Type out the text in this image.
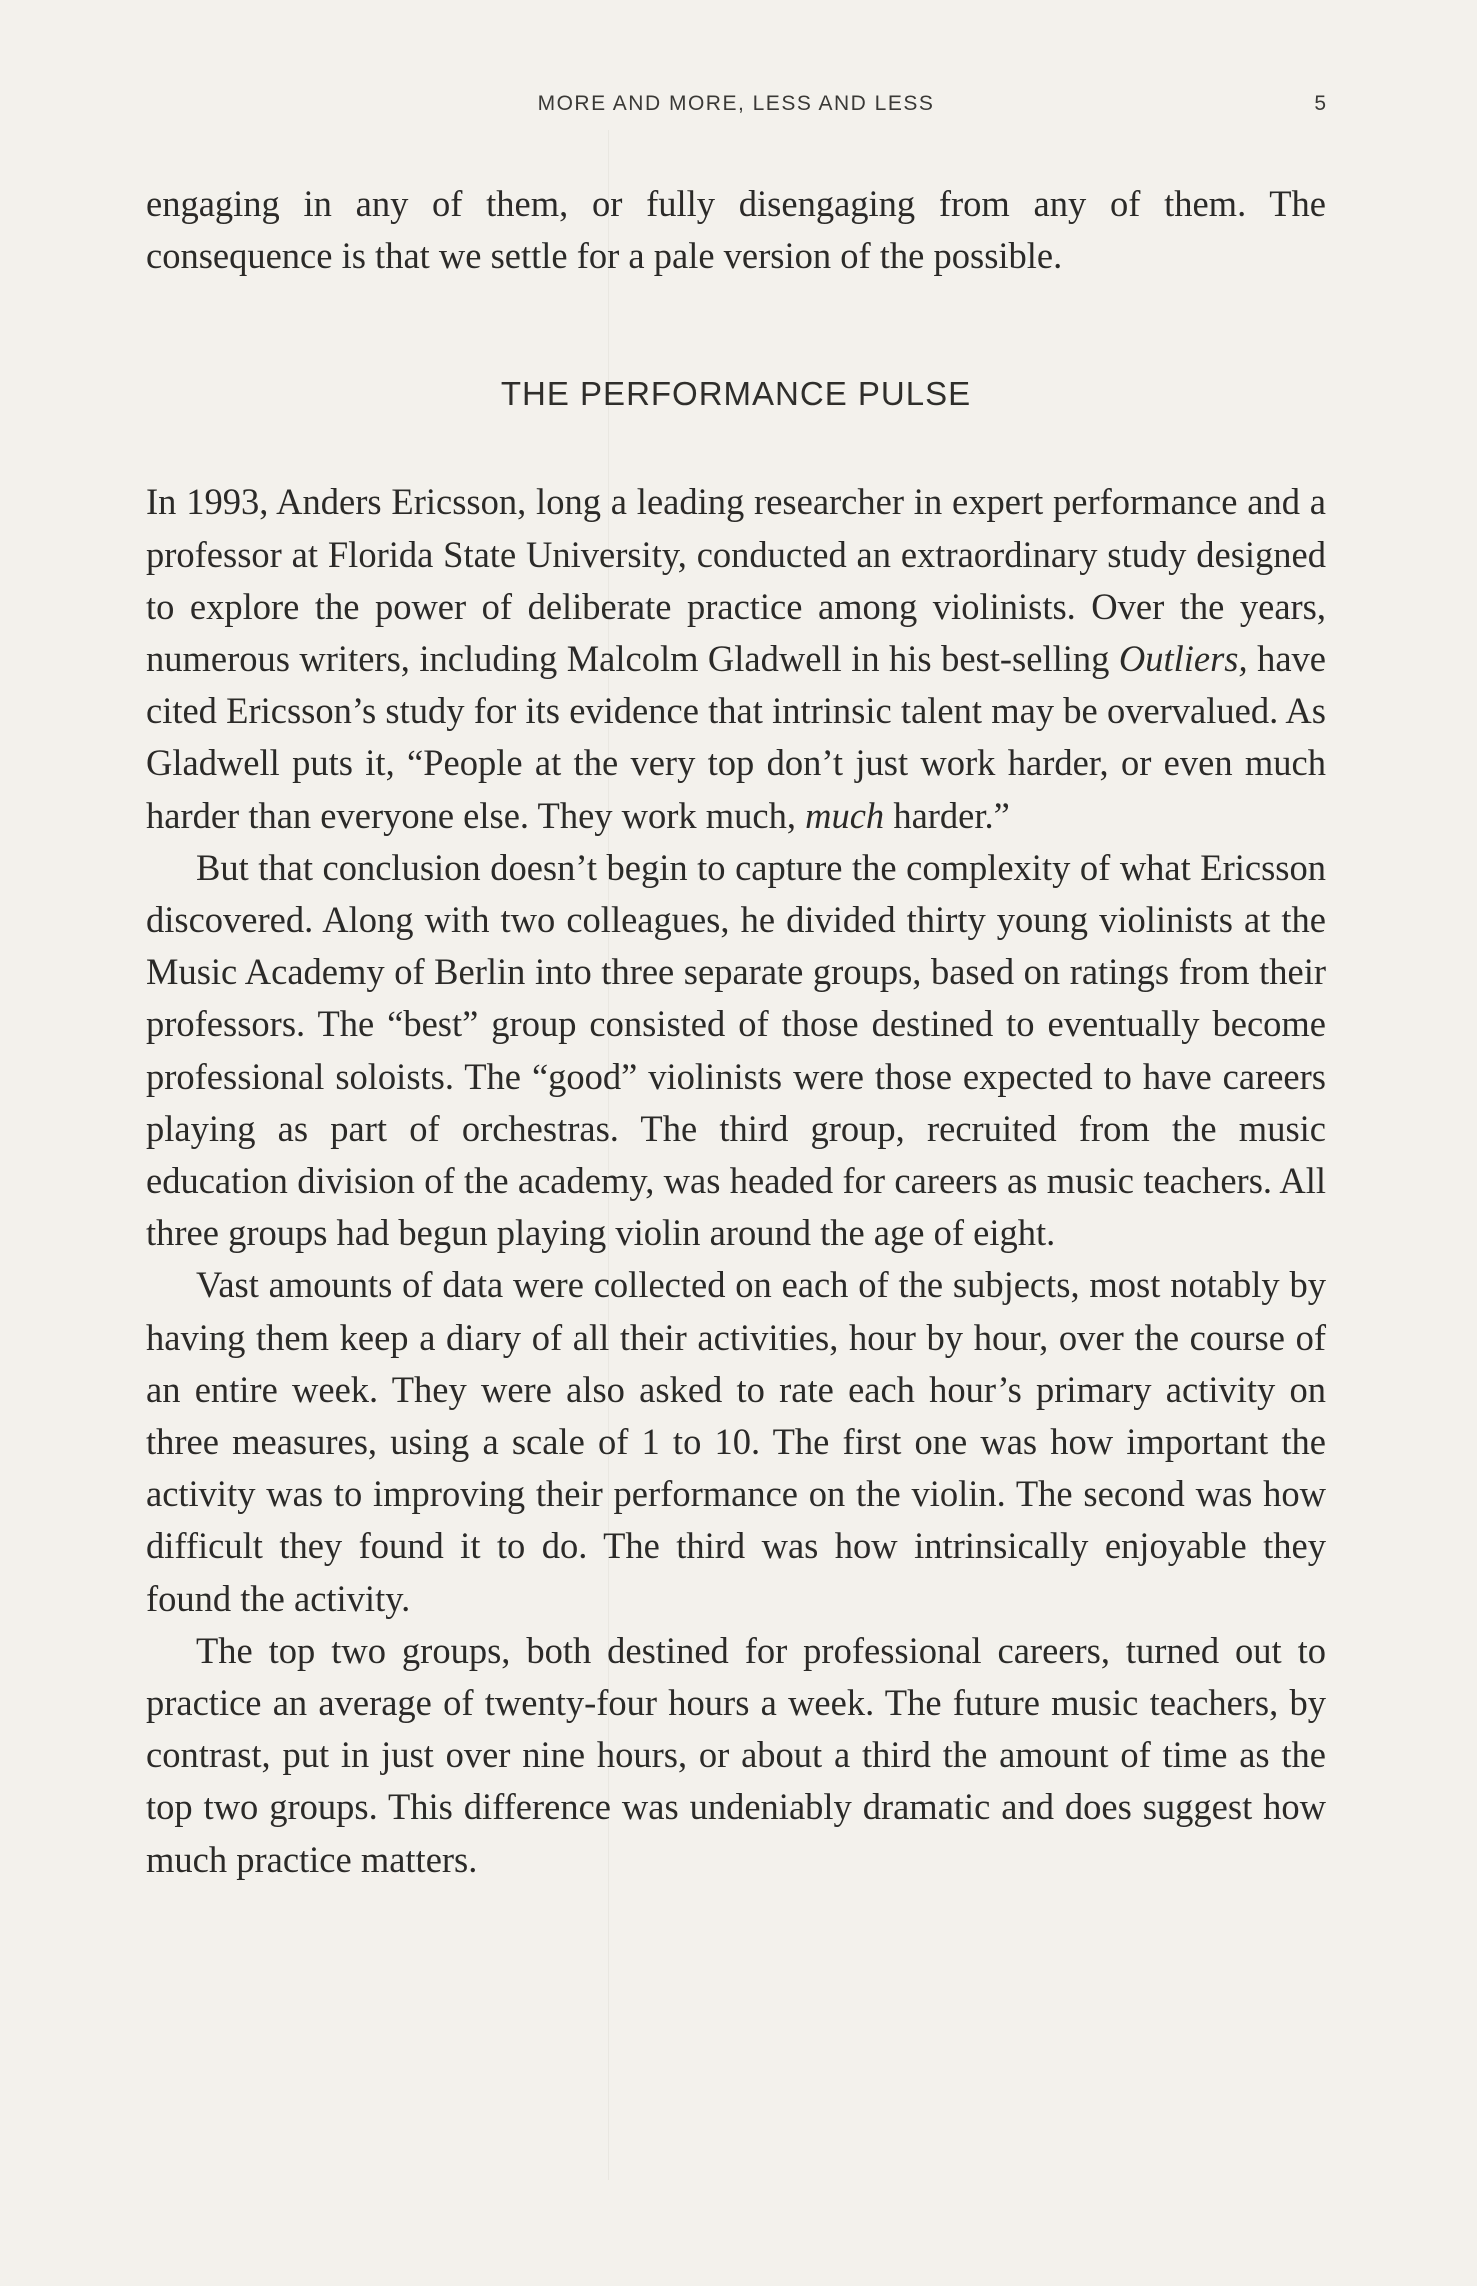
MORE AND MORE, LESS AND LESS	5

engaging in any of them, or fully disengaging from any of them. The consequence is that we settle for a pale version of the possible.

THE PERFORMANCE PULSE

In 1993, Anders Ericsson, long a leading researcher in expert performance and a professor at Florida State University, conducted an extraordinary study designed to explore the power of deliberate practice among violinists. Over the years, numerous writers, including Malcolm Gladwell in his best-selling Outliers, have cited Ericsson’s study for its evidence that intrinsic talent may be overvalued. As Gladwell puts it, “People at the very top don’t just work harder, or even much harder than everyone else. They work much, much harder.”

But that conclusion doesn’t begin to capture the complexity of what Ericsson discovered. Along with two colleagues, he divided thirty young violinists at the Music Academy of Berlin into three separate groups, based on ratings from their professors. The “best” group consisted of those destined to eventually become professional soloists. The “good” violinists were those expected to have careers playing as part of orchestras. The third group, recruited from the music education division of the academy, was headed for careers as music teachers. All three groups had begun playing violin around the age of eight.

Vast amounts of data were collected on each of the subjects, most notably by having them keep a diary of all their activities, hour by hour, over the course of an entire week. They were also asked to rate each hour’s primary activity on three measures, using a scale of 1 to 10. The first one was how important the activity was to improving their performance on the violin. The second was how difficult they found it to do. The third was how intrinsically enjoyable they found the activity.

The top two groups, both destined for professional careers, turned out to practice an average of twenty-four hours a week. The future music teachers, by contrast, put in just over nine hours, or about a third the amount of time as the top two groups. This difference was undeniably dramatic and does suggest how much practice matters.
